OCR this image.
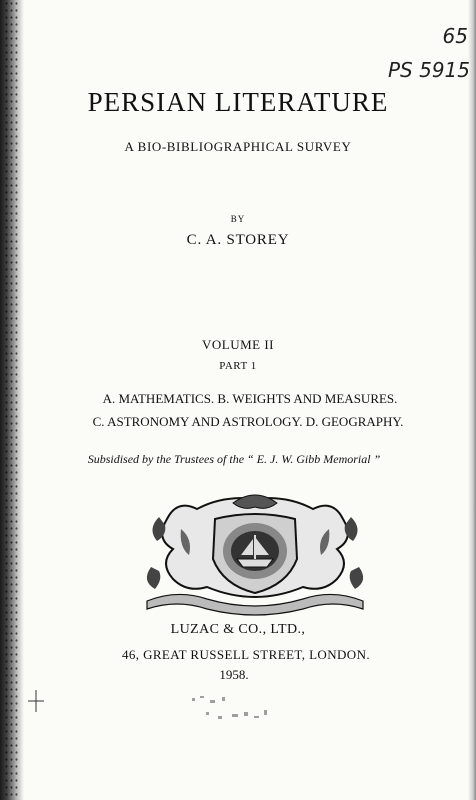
65
PS 5915
PERSIAN LITERATURE
A BIO-BIBLIOGRAPHICAL SURVEY
BY
C. A. STOREY
VOLUME II
PART 1
A. MATHEMATICS. B. WEIGHTS AND MEASURES.
C. ASTRONOMY AND ASTROLOGY. D. GEOGRAPHY.
Subsidised by the Trustees of the “ E. J. W. Gibb Memorial ”
LUZAC & CO., LTD.,
46, GREAT RUSSELL STREET, LONDON.
1958.
